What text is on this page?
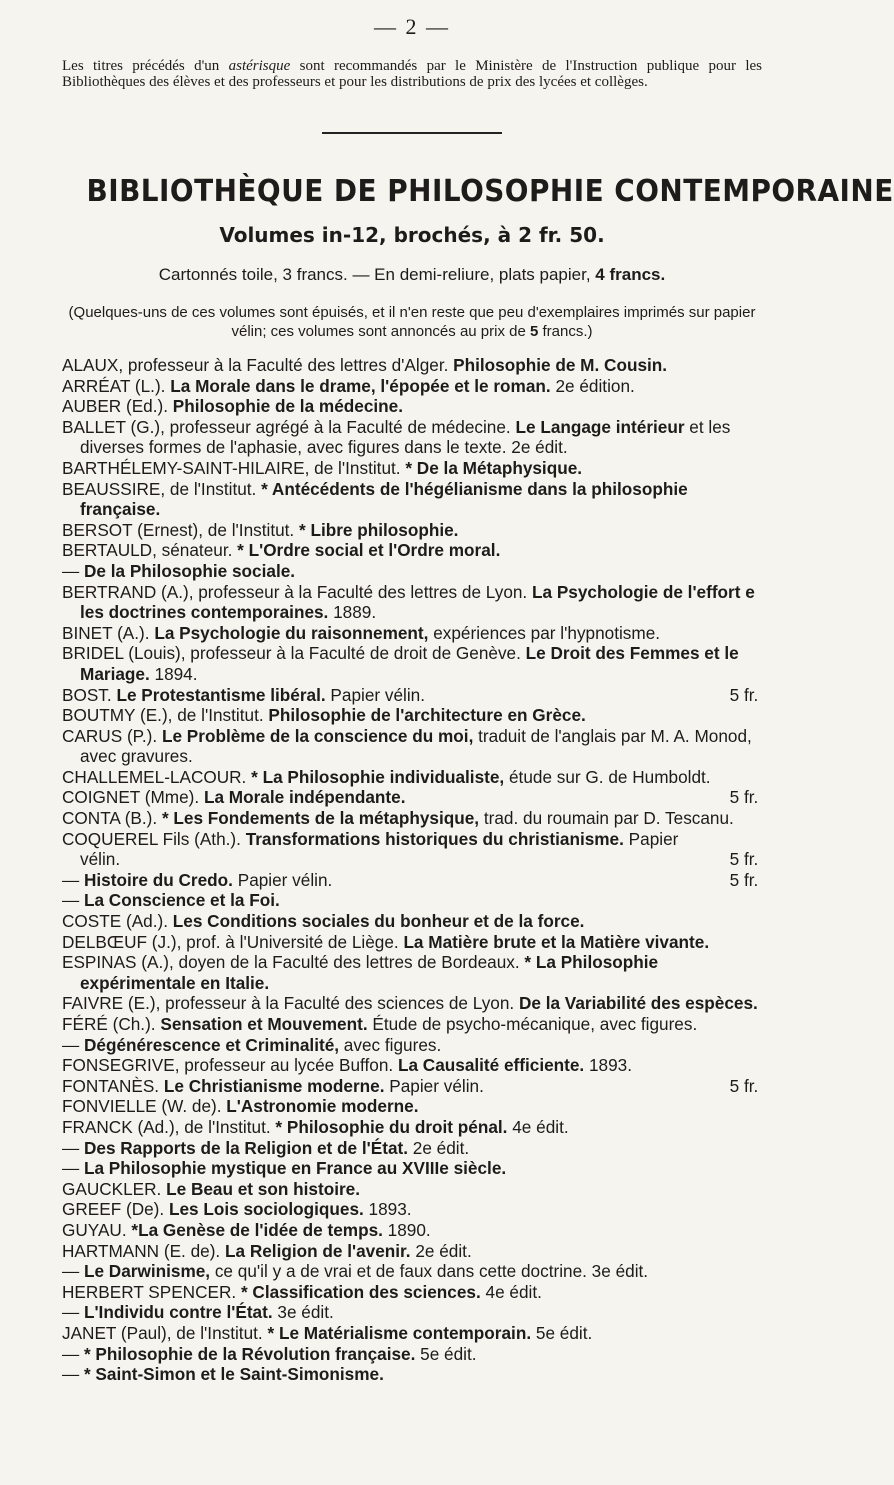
— 2 —

Les titres précédés d'un astérisque sont recommandés par le Ministère de l'Instruction publique pour les Bibliothèques des élèves et des professeurs et pour les distributions de prix des lycées et collèges.

BIBLIOTHÈQUE DE PHILOSOPHIE CONTEMPORAINE
Volumes in-12, brochés, à 2 fr. 50.
Cartonnés toile, 3 francs. — En demi-reliure, plats papier, 4 francs.
(Quelques-uns de ces volumes sont épuisés, et il n'en reste que peu d'exemplaires imprimés sur papier vélin; ces volumes sont annoncés au prix de 5 francs.)
ALAUX, professeur à la Faculté des lettres d'Alger. Philosophie de M. Cousin.
ARRÉAT (L.). La Morale dans le drame, l'épopée et le roman. 2e édition.
AUBER (Ed.). Philosophie de la médecine.
BALLET (G.), professeur agrégé à la Faculté de médecine. Le Langage intérieur et les diverses formes de l'aphasie, avec figures dans le texte. 2e édit.
BARTHÉLEMY-SAINT-HILAIRE, de l'Institut. * De la Métaphysique.
BEAUSSIRE, de l'Institut. * Antécédents de l'hégélianisme dans la philosophie française.
BERSOT (Ernest), de l'Institut. * Libre philosophie.
BERTAULD, sénateur. * L'Ordre social et l'Ordre moral.
— De la Philosophie sociale.
BERTRAND (A.), professeur à la Faculté des lettres de Lyon. La Psychologie de l'effort e les doctrines contemporaines. 1889.
BINET (A.). La Psychologie du raisonnement, expériences par l'hypnotisme.
BRIDEL (Louis), professeur à la Faculté de droit de Genève. Le Droit des Femmes et le Mariage. 1894.
BOST. Le Protestantisme libéral. Papier vélin.	5 fr.
BOUTMY (E.), de l'Institut. Philosophie de l'architecture en Grèce.
CARUS (P.). Le Problème de la conscience du moi, traduit de l'anglais par M. A. Monod, avec gravures.
CHALLEMEL-LACOUR. * La Philosophie individualiste, étude sur G. de Humboldt.
COIGNET (Mme). La Morale indépendante.	5 fr.
CONTA (B.). * Les Fondements de la métaphysique, trad. du roumain par D. Tescanu.
COQUEREL Fils (Ath.). Transformations historiques du christianisme. Papier vélin.	5 fr.
— Histoire du Credo. Papier vélin.	5 fr.
— La Conscience et la Foi.
COSTE (Ad.). Les Conditions sociales du bonheur et de la force.
DELBŒUF (J.), prof. à l'Université de Liège. La Matière brute et la Matière vivante.
ESPINAS (A.), doyen de la Faculté des lettres de Bordeaux. * La Philosophie expérimentale en Italie.
FAIVRE (E.), professeur à la Faculté des sciences de Lyon. De la Variabilité des espèces.
FÉRÉ (Ch.). Sensation et Mouvement. Étude de psycho-mécanique, avec figures.
— Dégénérescence et Criminalité, avec figures.
FONSEGRIVE, professeur au lycée Buffon. La Causalité efficiente. 1893.
FONTANÈS. Le Christianisme moderne. Papier vélin.	5 fr.
FONVIELLE (W. de). L'Astronomie moderne.
FRANCK (Ad.), de l'Institut. * Philosophie du droit pénal. 4e édit.
— Des Rapports de la Religion et de l'État. 2e édit.
— La Philosophie mystique en France au XVIIIe siècle.
GAUCKLER. Le Beau et son histoire.
GREEF (De). Les Lois sociologiques. 1893.
GUYAU. *La Genèse de l'idée de temps. 1890.
HARTMANN (E. de). La Religion de l'avenir. 2e édit.
— Le Darwinisme, ce qu'il y a de vrai et de faux dans cette doctrine. 3e édit.
HERBERT SPENCER. * Classification des sciences. 4e édit.
— L'Individu contre l'État. 3e édit.
JANET (Paul), de l'Institut. * Le Matérialisme contemporain. 5e édit.
— * Philosophie de la Révolution française. 5e édit.
— * Saint-Simon et le Saint-Simonisme.
